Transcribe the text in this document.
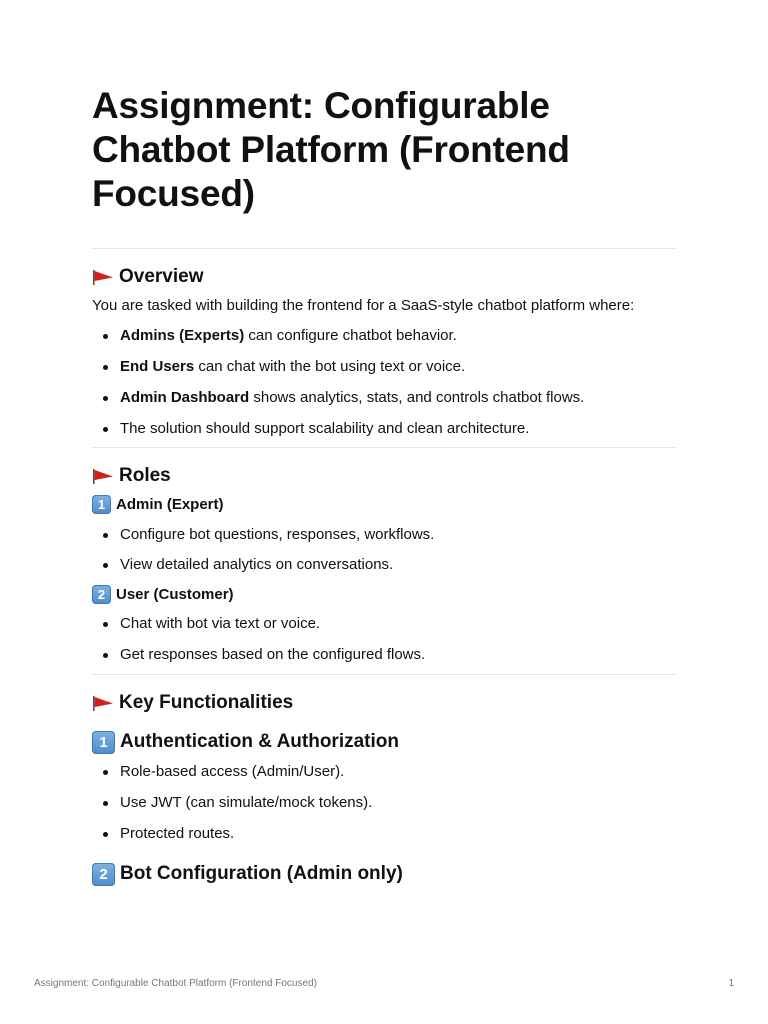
Assignment: Configurable Chatbot Platform (Frontend Focused)
Overview

You are tasked with building the frontend for a SaaS-style chatbot platform where:

Admins (Experts) can configure chatbot behavior.
End Users can chat with the bot using text or voice.
Admin Dashboard shows analytics, stats, and controls chatbot flows.
The solution should support scalability and clean architecture.
Roles
1 Admin (Expert)
Configure bot questions, responses, workflows.
View detailed analytics on conversations.
2 User (Customer)
Chat with bot via text or voice.
Get responses based on the configured flows.
Key Functionalities
1 Authentication & Authorization
Role-based access (Admin/User).
Use JWT (can simulate/mock tokens).
Protected routes.
2 Bot Configuration (Admin only)
Assignment: Configurable Chatbot Platform (Frontend Focused)	1
